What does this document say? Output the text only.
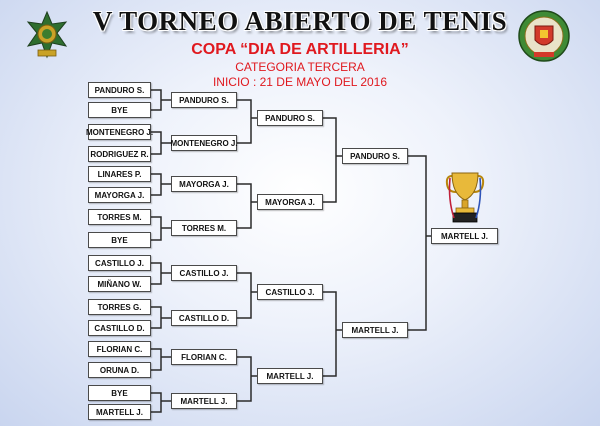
V TORNEO ABIERTO DE TENIS
COPA “DIA DE ARTILLERIA”
CATEGORIA TERCERA
INICIO : 21 DE MAYO DEL 2016
PANDURO S.
BYE
MONTENEGRO J.
RODRIGUEZ R.
LINARES P.
MAYORGA J.
TORRES M.
BYE
CASTILLO J.
MIÑANO W.
TORRES G.
CASTILLO D.
FLORIAN C.
ORUNA D.
BYE
MARTELL J.
PANDURO S.
MONTENEGRO J.
MAYORGA J.
TORRES M.
CASTILLO J.
CASTILLO D.
FLORIAN C.
MARTELL J.
PANDURO S.
MAYORGA J.
CASTILLO J.
MARTELL J.
PANDURO S.
MARTELL J.
MARTELL J.
